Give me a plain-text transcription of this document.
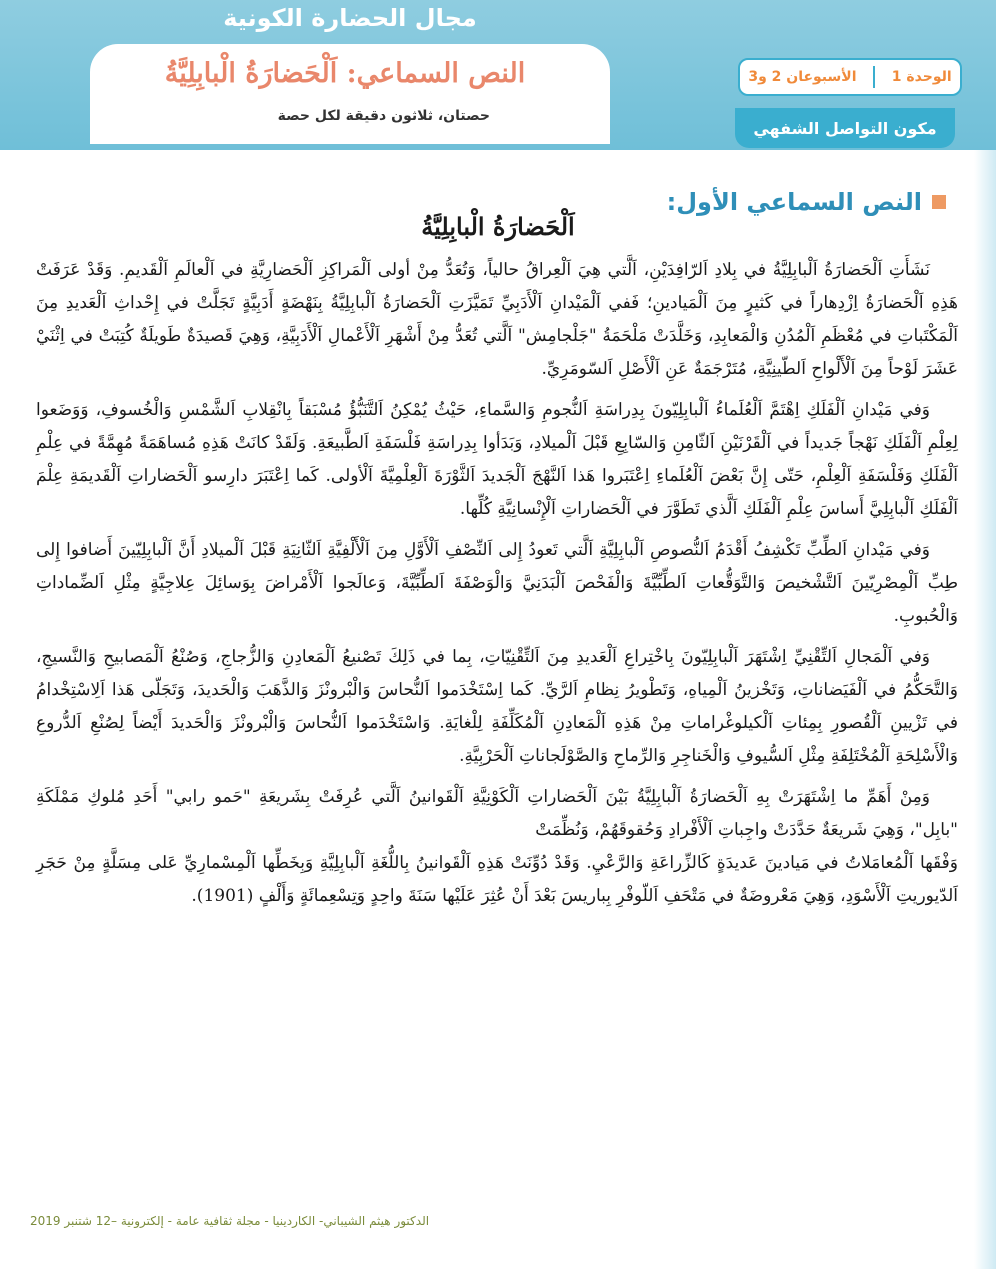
مجال الحضارة الكونية
النص السماعي: اَلْحَضارَةُ الْبابِلِيَّةُ
حصتان، ثلاثون دقيقة لكل حصة
الوحدة 1
الأسبوعان 2 و3
مكون التواصل الشفهي
النص السماعي الأول:
اَلْحَضارَةُ الْبابِلِيَّةُ

نَشَأَتِ اَلْحَضارَةُ اَلْبابِلِيَّةُ في بِلادِ اَلرّافِدَيْنِ، اَلَّتي هِيَ اَلْعِراقُ حالياً، وَتُعَدُّ مِنْ أولى اَلْمَراكِزِ اَلْحَضارِيَّةِ في اَلْعالَمِ اَلْقَديمِ. وَقَدْ عَرَفَتْ هَذِهِ اَلْحَضارَةُ اِزْدِهاراً في كَثيرٍ مِنَ اَلْمَيادينِ؛ فَفي اَلْمَيْدانِ اَلْأَدَبِيِّ تَمَيَّزَتِ اَلْحَضارَةُ اَلْبابِلِيَّةُ بِنَهْضَةٍ أَدَبِيَّةٍ تَجَلَّتْ في إِحْداثِ اَلْعَديدِ مِنَ اَلْمَكْتَباتِ في مُعْظَمِ اَلْمُدُنِ وَالْمَعابِدِ، وَخَلَّدَتْ مَلْحَمَةُ "جَلْجامِش" اَلَّتي تُعَدُّ مِنْ أَشْهَرِ اَلْأَعْمالِ اَلْأَدَبِيَّةِ، وَهِيَ قَصيدَةٌ طَويلَةٌ كُتِبَتْ في اِثْنَيْ عَشَرَ لَوْحاً مِنَ اَلْأَلْواحِ اَلطّينِيَّةِ، مُتَرْجَمَةٌ عَنِ اَلْأَصْلِ اَلسّومَرِيِّ.

وَفي مَيْدانِ اَلْفَلَكِ اِهْتَمَّ اَلْعُلَماءُ اَلْبابِلِيّونَ بِدِراسَةِ اَلنُّجومِ وَالسَّماءِ، حَيْثُ يُمْكِنُ اَلتَّنَبُّؤُ مُسْبَقاً بِانْقِلابِ اَلشَّمْسِ وَالْخُسوفِ، وَوَضَعوا لِعِلْمِ اَلْفَلَكِ نَهْجاً جَديداً في اَلْقَرْنَيْنِ اَلثّامِنِ وَالسّابِعِ قَبْلَ اَلْميلادِ، وَبَدَأوا بِدِراسَةِ فَلْسَفَةِ اَلطَّبيعَةِ. وَلَقَدْ كانَتْ هَذِهِ مُساهَمَةً مُهِمَّةً في عِلْمِ اَلْفَلَكِ وَفَلْسَفَةِ اَلْعِلْمِ، حَتّى إِنَّ بَعْضَ اَلْعُلَماءِ اِعْتَبَروا هَذا اَلنَّهْجَ اَلْجَديدَ اَلثَّوْرَةَ اَلْعِلْمِيَّةَ اَلْأولى. كَما اِعْتَبَرَ دارِسو اَلْحَضاراتِ اَلْقَديمَةِ عِلْمَ اَلْفَلَكِ اَلْبابِلِيَّ أَساسَ عِلْمِ اَلْفَلَكِ اَلَّذي تَطَوَّرَ في اَلْحَضاراتِ اَلْإِنْسانِيَّةِ كُلِّها.

وَفي مَيْدانِ اَلطِّبِّ تَكْشِفُ أَقْدَمُ اَلنُّصوصِ اَلْبابِلِيَّةِ اَلَّتي تَعودُ إِلى اَلنِّصْفِ اَلْأَوَّلِ مِنَ اَلْأَلْفِيَّةِ اَلثّانِيَةِ قَبْلَ اَلْميلادِ أَنَّ اَلْبابِلِيّينَ أَضافوا إِلى طِبِّ اَلْمِصْرِيّينَ اَلتَّشْخيصَ وَالتَّوَقُّعاتِ اَلطِّبِّيَّةَ وَالْفَحْصَ اَلْبَدَنِيَّ وَالْوَصْفَةَ اَلطِّبِّيَّةَ، وَعالَجوا اَلْأَمْراضَ بِوَسائِلَ عِلاجِيَّةٍ مِثْلِ اَلضِّماداتِ وَالْحُبوبِ.

وَفي اَلْمَجالِ اَلتِّقْنِيِّ اِشْتَهَرَ اَلْبابِلِيّونَ بِاخْتِراعِ اَلْعَديدِ مِنَ اَلتِّقْنِيّاتِ، بِما في ذَلِكَ تَصْنيعُ اَلْمَعادِنِ وَالزُّجاجِ، وَصُنْعُ اَلْمَصابيحِ وَالنَّسيجِ، وَالتَّحَكُّمُ في اَلْفَيَضاناتِ، وَتَخْزينُ اَلْمِياهِ، وَتَطْويرُ نِظامِ اَلرَّيِّ. كَما اِسْتَخْدَموا اَلنُّحاسَ وَالْبْرونْزَ وَالذَّهَبَ وَالْحَديدَ، وَتَجَلّى هَذا اَلِاسْتِخْدامُ في تَزْيينِ اَلْقُصورِ بِمِئاتِ اَلْكيلوغْراماتِ مِنْ هَذِهِ اَلْمَعادِنِ اَلْمُكَلِّفَةِ لِلْغايَةِ. وَاسْتَخْدَموا اَلنُّحاسَ وَالْبْرونْزَ وَالْحَديدَ أَيْضاً لِصُنْعِ اَلدُّروعِ وَالْأَسْلِحَةِ اَلْمُخْتَلِفَةِ مِثْلِ اَلسُّيوفِ وَالْخَناجِرِ وَالرِّماحِ وَالصَّوْلَجاناتِ اَلْحَرْبِيَّةِ.

وَمِنْ أَهَمِّ ما اِشْتَهَرَتْ بِهِ اَلْحَضارَةُ اَلْبابِلِيَّةُ بَيْنَ اَلْحَضاراتِ اَلْكَوْنِيَّةِ اَلْقَوانينُ اَلَّتي عُرِفَتْ بِشَريعَةِ "حَمو رابي" أَحَدِ مُلوكِ مَمْلَكَةِ "بابِل"، وَهِيَ شَريعَةٌ حَدَّدَتْ واجِباتِ اَلْأَفْرادِ وَحُقوقَهُمْ، وَنُظِّمَتْ

وَفْقَها اَلْمُعامَلاتُ في مَيادينَ عَديدَةٍ كَالزِّراعَةِ وَالرَّعْيِ. وَقَدْ دُوِّنَتْ هَذِهِ اَلْقَوانينُ بِاللُّغَةِ اَلْبابِلِيَّةِ وَبِخَطِّها اَلْمِسْمارِيِّ عَلى مِسَلَّةٍ مِنْ حَجَرِ اَلدّيوريتِ اَلْأَسْوَدِ، وَهِيَ مَعْروضَةٌ في مَتْحَفِ اَللّوفْرِ بِباريسَ بَعْدَ أَنْ عُثِرَ عَلَيْها سَنَةَ واحِدٍ وَتِسْعِمائَةٍ وَأَلْفٍ (1901).

الدكتور هيثم الشيباني- الكاردينيا - مجلة ثقافية عامة - إلكترونية –12 شتنبر 2019
